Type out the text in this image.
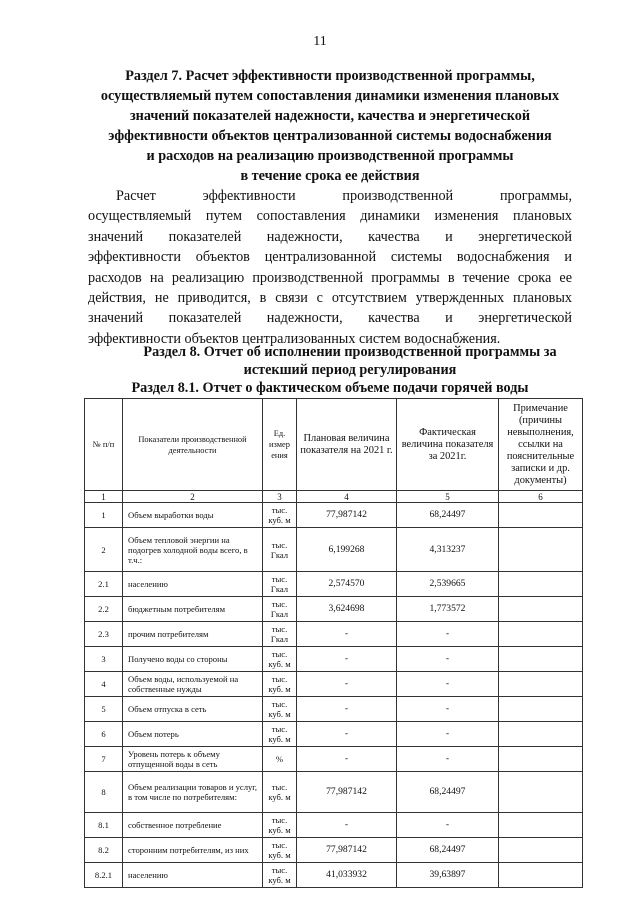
11
Раздел 7. Расчет эффективности производственной программы,
осуществляемый путем сопоставления динамики изменения плановых
значений показателей надежности, качества и энергетической
эффективности объектов централизованной системы водоснабжения
и расходов на реализацию производственной программы
в течение срока ее действия
Расчет эффективности производственной программы,
осуществляемый путем сопоставления динамики изменения плановых
значений показателей надежности, качества и энергетической
эффективности объектов централизованной системы водоснабжения и
расходов на реализацию производственной программы в течение срока ее
действия, не приводится, в связи с отсутствием утвержденных плановых
значений показателей надежности, качества и энергетической
эффективности объектов централизованных систем водоснабжения.
Раздел 8. Отчет об исполнении производственной программы за
истекший период регулирования
Раздел 8.1. Отчет о фактическом объеме подачи горячей воды
№ п/п	Показатели производственной деятельности	Ед. измер ения	Плановая величина показателя на 2021 г.	Фактическая величина показателя за 2021г.	Примечание (причины невыполнения, ссылки на пояснительные записки и др. документы)
1	2	3	4	5	6
1	Объем выработки воды	тыс. куб. м	77,987142	68,24497	
2	Объем тепловой энергии на подогрев холодной воды всего, в т.ч.:	тыс. Гкал	6,199268	4,313237	
2.1	населению	тыс. Гкал	2,574570	2,539665	
2.2	бюджетным потребителям	тыс. Гкал	3,624698	1,773572	
2.3	прочим потребителям	тыс. Гкал	-	-	
3	Получено воды со стороны	тыс. куб. м	-	-	
4	Объем воды, используемой на собственные нужды	тыс. куб. м	-	-	
5	Объем отпуска в сеть	тыс. куб. м	-	-	
6	Объем потерь	тыс. куб. м	-	-	
7	Уровень потерь к объему отпущенной воды в сеть	%	-	-	
8	Объем реализации товаров и услуг, в том числе по потребителям:	тыс. куб. м	77,987142	68,24497	
8.1	собственное потребление	тыс. куб. м	-	-	
8.2	сторонним потребителям, из них	тыс. куб. м	77,987142	68,24497	
8.2.1	населению	тыс. куб. м	41,033932	39,63897	
